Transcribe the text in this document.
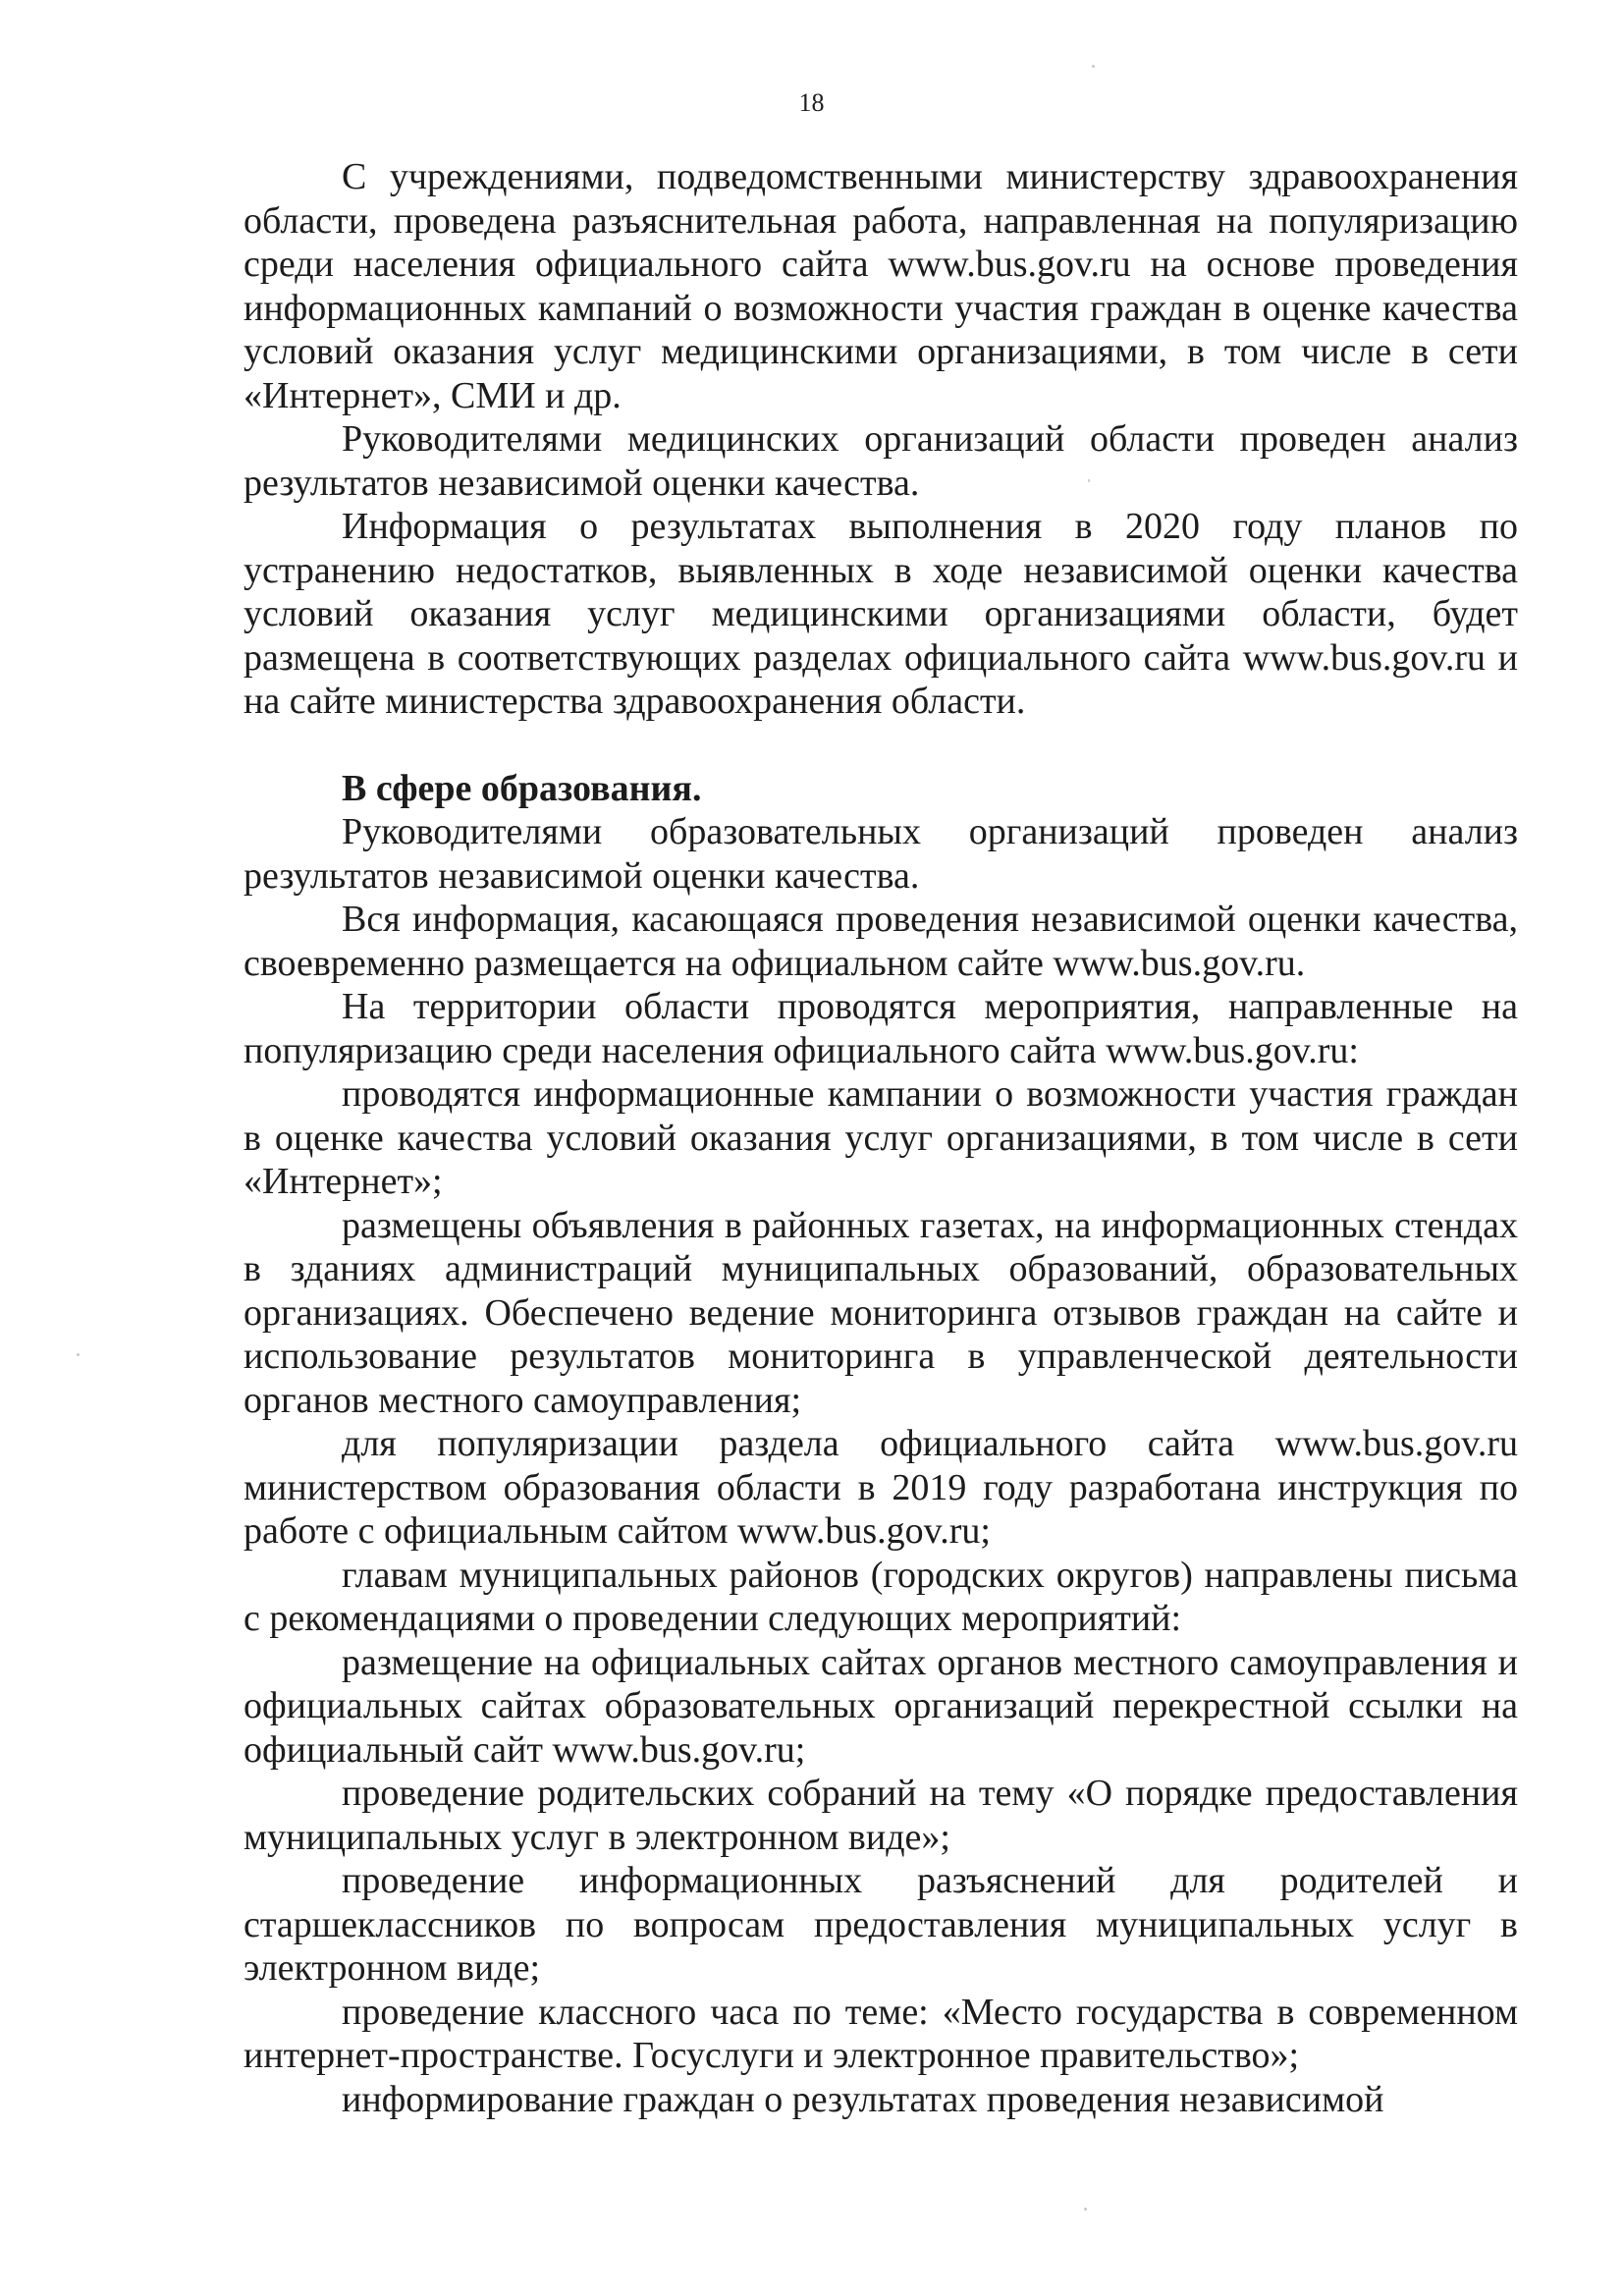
18

С учреждениями, подведомственными министерству здравоохранения области, проведена разъяснительная работа, направленная на популяризацию среди населения официального сайта www.bus.gov.ru на основе проведения информационных кампаний о возможности участия граждан в оценке качества условий оказания услуг медицинскими организациями, в том числе в сети «Интернет», СМИ и др.

Руководителями медицинских организаций области проведен анализ результатов независимой оценки качества.

Информация о результатах выполнения в 2020 году планов по устранению недостатков, выявленных в ходе независимой оценки качества условий оказания услуг медицинскими организациями области, будет размещена в соответствующих разделах официального сайта www.bus.gov.ru и на сайте министерства здравоохранения области.

В сфере образования.

Руководителями образовательных организаций проведен анализ результатов независимой оценки качества.

Вся информация, касающаяся проведения независимой оценки качества, своевременно размещается на официальном сайте www.bus.gov.ru.

На территории области проводятся мероприятия, направленные на популяризацию среди населения официального сайта www.bus.gov.ru:

проводятся информационные кампании о возможности участия граждан в оценке качества условий оказания услуг организациями, в том числе в сети «Интернет»;

размещены объявления в районных газетах, на информационных стендах в зданиях администраций муниципальных образований, образовательных организациях. Обеспечено ведение мониторинга отзывов граждан на сайте и использование результатов мониторинга в управленческой деятельности органов местного самоуправления;

для популяризации раздела официального сайта www.bus.gov.ru министерством образования области в 2019 году разработана инструкция по работе с официальным сайтом www.bus.gov.ru;

главам муниципальных районов (городских округов) направлены письма с рекомендациями о проведении следующих мероприятий:

размещение на официальных сайтах органов местного самоуправления и официальных сайтах образовательных организаций перекрестной ссылки на официальный сайт www.bus.gov.ru;

проведение родительских собраний на тему «О порядке предоставления муниципальных услуг в электронном виде»;

проведение информационных разъяснений для родителей и старшеклассников по вопросам предоставления муниципальных услуг в электронном виде;

проведение классного часа по теме: «Место государства в современном интернет-пространстве. Госуслуги и электронное правительство»;

информирование граждан о результатах проведения независимой
